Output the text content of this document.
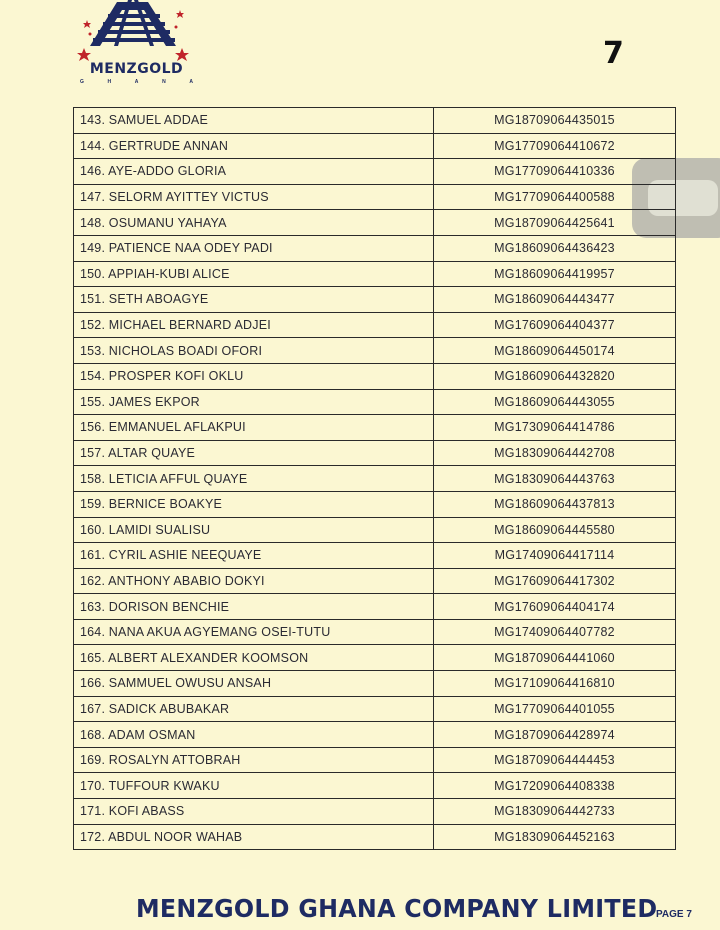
MENZGOLD
G	H	A	N	A
7
143. SAMUEL ADDAE	MG18709064435015
144. GERTRUDE ANNAN	MG17709064410672
146. AYE-ADDO GLORIA	MG17709064410336
147. SELORM AYITTEY VICTUS	MG17709064400588
148. OSUMANU YAHAYA	MG18709064425641
149. PATIENCE NAA ODEY PADI	MG18609064436423
150. APPIAH-KUBI ALICE	MG18609064419957
151. SETH ABOAGYE	MG18609064443477
152. MICHAEL BERNARD ADJEI	MG17609064404377
153. NICHOLAS BOADI OFORI	MG18609064450174
154. PROSPER KOFI OKLU	MG18609064432820
155. JAMES EKPOR	MG18609064443055
156. EMMANUEL AFLAKPUI	MG17309064414786
157. ALTAR QUAYE	MG18309064442708
158. LETICIA AFFUL QUAYE	MG18309064443763
159. BERNICE BOAKYE	MG18609064437813
160. LAMIDI SUALISU	MG18609064445580
161. CYRIL ASHIE NEEQUAYE	MG17409064417114
162. ANTHONY ABABIO DOKYI	MG17609064417302
163. DORISON BENCHIE	MG17609064404174
164. NANA AKUA AGYEMANG OSEI-TUTU	MG17409064407782
165. ALBERT ALEXANDER KOOMSON	MG18709064441060
166. SAMMUEL OWUSU ANSAH	MG17109064416810
167. SADICK ABUBAKAR	MG17709064401055
168. ADAM OSMAN	MG18709064428974
169. ROSALYN ATTOBRAH	MG18709064444453
170. TUFFOUR KWAKU	MG17209064408338
171. KOFI ABASS	MG18309064442733
172. ABDUL NOOR WAHAB	MG18309064452163
MENZGOLD GHANA COMPANY LIMITED
PAGE 7
